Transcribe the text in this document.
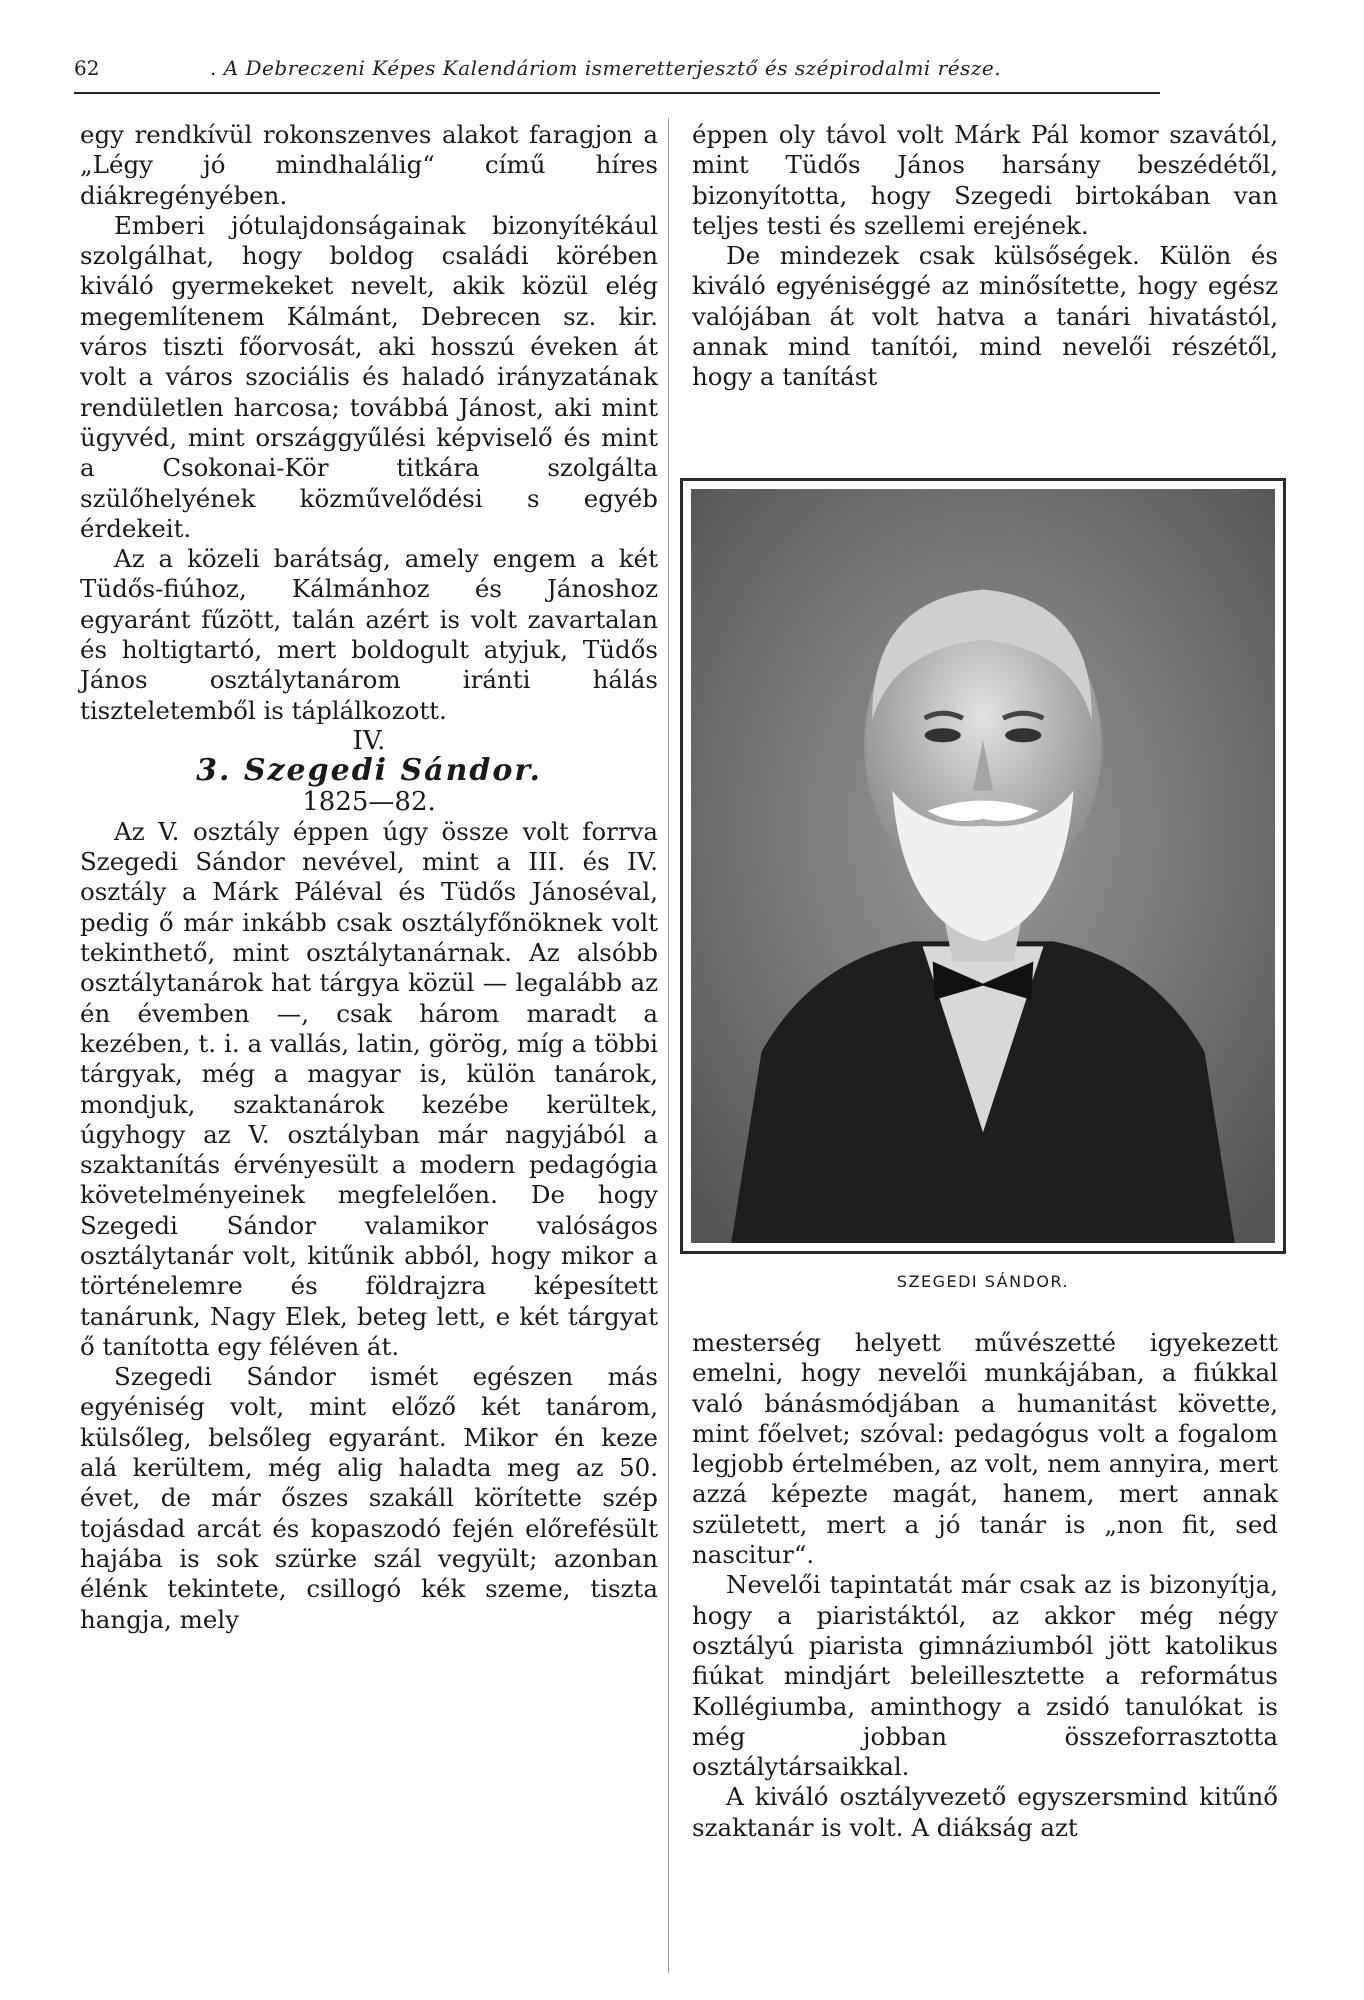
62	. A Debreczeni Képes Kalendáriom ismeretterjesztő és szépirodalmi része.

egy rendkívül rokonszenves alakot faragjon a „Légy jó mindhalálig“ című híres diákregényében.

Emberi jótulajdonságainak bizonyítékául szolgálhat, hogy boldog családi körében kiváló gyermekeket nevelt, akik közül elég megemlítenem Kálmánt, Debrecen sz. kir. város tiszti főorvosát, aki hosszú éveken át volt a város szociális és haladó irányzatának rendületlen harcosa; továbbá Jánost, aki mint ügyvéd, mint országgyűlési képviselő és mint a Csokonai-Kör titkára szolgálta szülőhelyének közművelődési s egyéb érdekeit.

Az a közeli barátság, amely engem a két Tüdős-fiúhoz, Kálmánhoz és Jánoshoz egyaránt fűzött, talán azért is volt zavartalan és holtigtartó, mert boldogult atyjuk, Tüdős János osztálytanárom iránti hálás tiszteletemből is táplálkozott.

IV.

3. Szegedi Sándor.

1825—82.

Az V. osztály éppen úgy össze volt forrva Szegedi Sándor nevével, mint a III. és IV. osztály a Márk Páléval és Tüdős Jánoséval, pedig ő már inkább csak osztályfőnöknek volt tekinthető, mint osztálytanárnak. Az alsóbb osztálytanárok hat tárgya közül — legalább az én évemben —, csak három maradt a kezében, t. i. a vallás, latin, görög, míg a többi tárgyak, még a magyar is, külön tanárok, mondjuk, szaktanárok kezébe kerültek, úgyhogy az V. osztályban már nagyjából a szaktanítás érvényesült a modern pedagógia követelményeinek megfelelően. De hogy Szegedi Sándor valamikor valóságos osztálytanár volt, kitűnik abból, hogy mikor a történelemre és földrajzra képesített tanárunk, Nagy Elek, beteg lett, e két tárgyat ő tanította egy féléven át.

Szegedi Sándor ismét egészen más egyéniség volt, mint előző két tanárom, külsőleg, belsőleg egyaránt. Mikor én keze alá kerültem, még alig haladta meg az 50. évet, de már őszes szakáll körítette szép tojásdad arcát és kopaszodó fején előrefésült hajába is sok szürke szál vegyült; azonban élénk tekintete, csillogó kék szeme, tiszta hangja, mely

éppen oly távol volt Márk Pál komor szavától, mint Tüdős János harsány beszédétől, bizonyította, hogy Szegedi birtokában van teljes testi és szellemi erejének.

De mindezek csak külsőségek. Külön és kiváló egyéniséggé az minősítette, hogy egész valójában át volt hatva a tanári hivatástól, annak mind tanítói, mind nevelői részétől, hogy a tanítást

SZEGEDI SÁNDOR.

mesterség helyett művészetté igyekezett emelni, hogy nevelői munkájában, a fiúkkal való bánásmódjában a humanitást követte, mint főelvet; szóval: pedagógus volt a fogalom legjobb értelmében, az volt, nem annyira, mert azzá képezte magát, hanem, mert annak született, mert a jó tanár is „non fit, sed nascitur“.

Nevelői tapintatát már csak az is bizonyítja, hogy a piaristáktól, az akkor még négy osztályú piarista gimnáziumból jött katolikus fiúkat mindjárt beleillesztette a református Kollégiumba, aminthogy a zsidó tanulókat is még jobban összeforrasztotta osztálytársaikkal.

A kiváló osztályvezető egyszersmind kitűnő szaktanár is volt. A diákság azt
